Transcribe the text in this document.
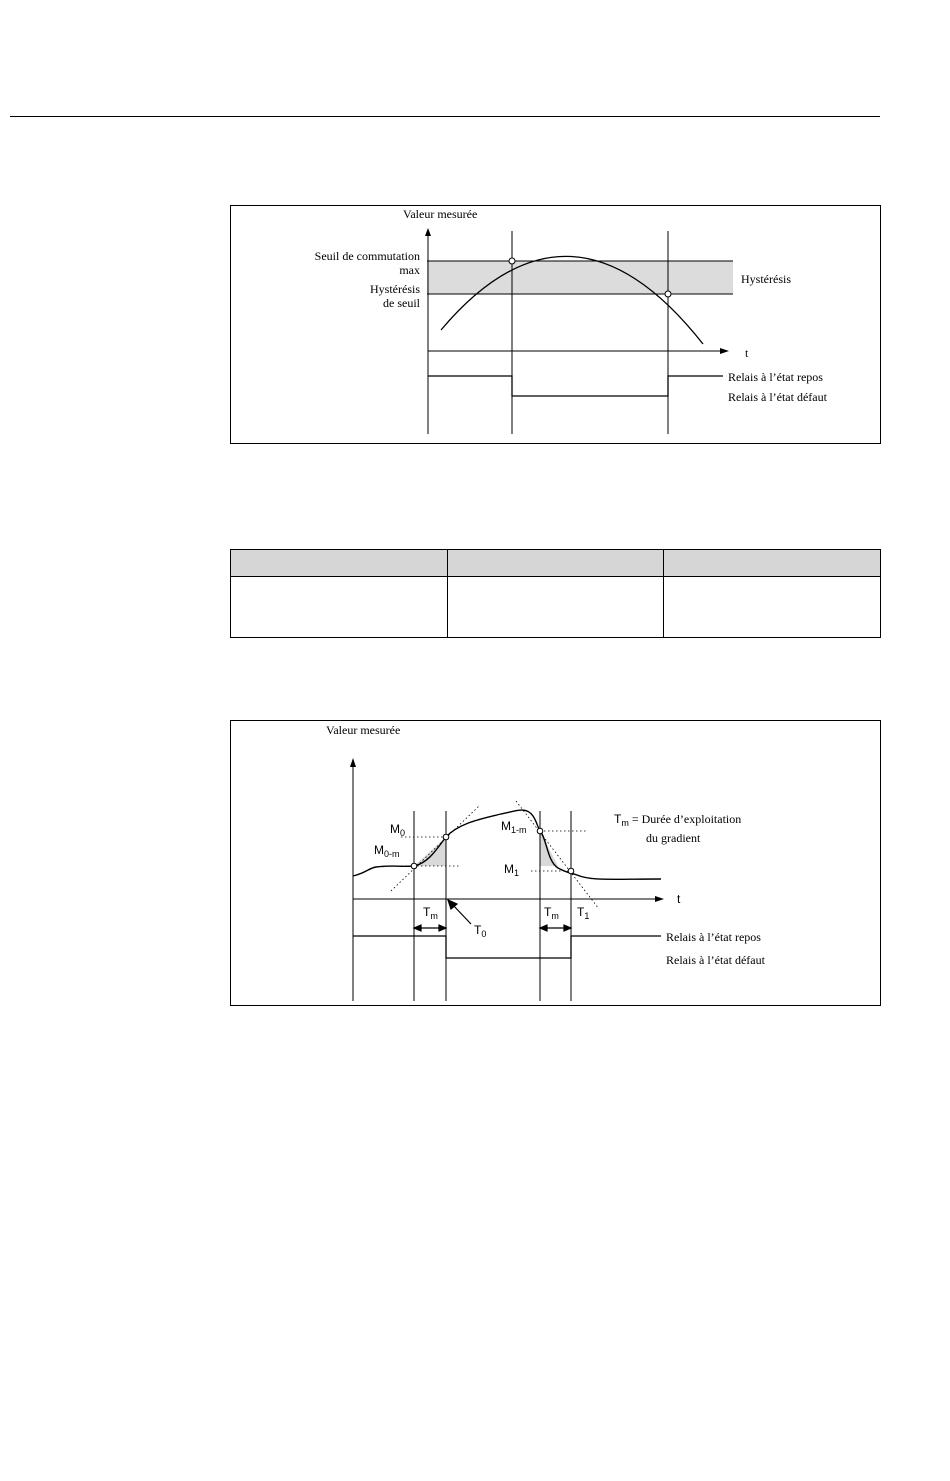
Valeur mesurée
Seuil de commutation
max
Hystérésis
de seuil
Hystérésis
t
Relais à l’état repos
Relais à l’état défaut

Valeur mesurée
$M_0$
$M_{0-m}$
$M_{1-m}$
$M_1$
$T_m$ = Durée d’exploitation
du gradient
t
$T_m$
$T_0$
$T_m$ $T_1$
Relais à l’état repos
Relais à l’état défaut
